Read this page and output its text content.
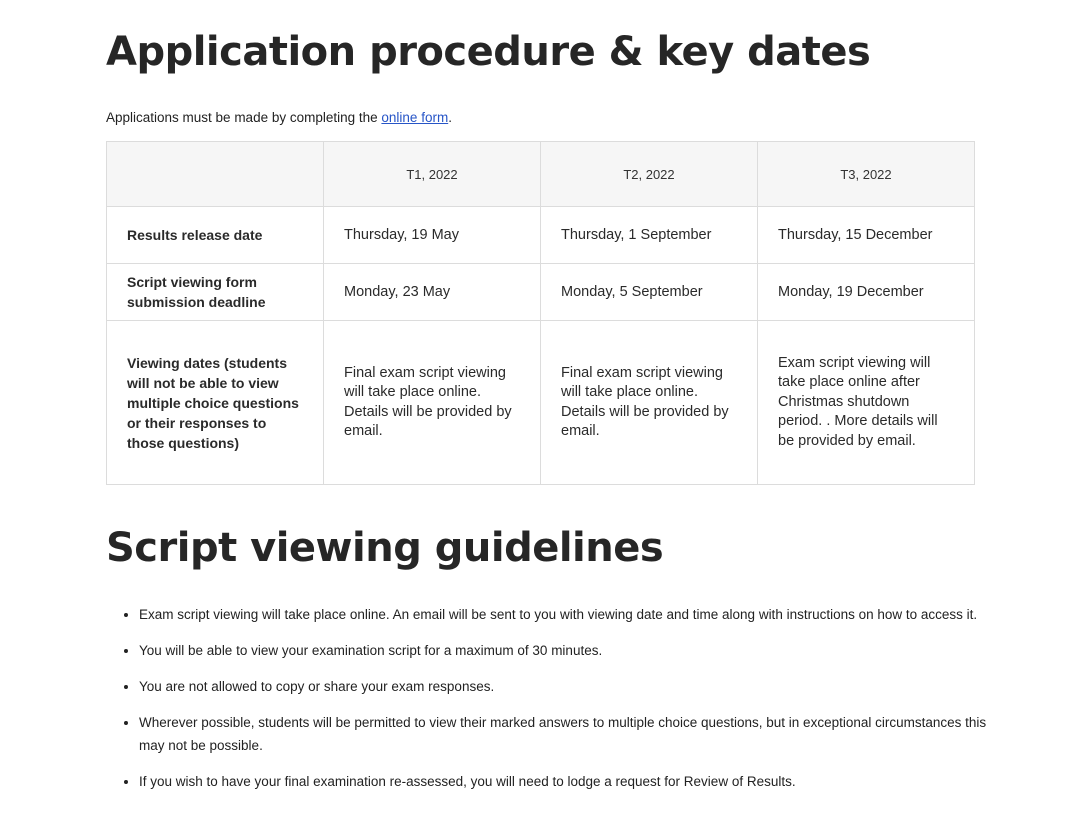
Application procedure & key dates

Applications must be made by completing the online form.

	T1, 2022	T2, 2022	T3, 2022
Results release date	Thursday, 19 May	Thursday, 1 September	Thursday, 15 December
Script viewing form submission deadline	Monday, 23 May	Monday, 5 September	Monday, 19 December
Viewing dates (students will not be able to view multiple choice questions or their responses to those questions)	Final exam script viewing will take place online. Details will be provided by email.	Final exam script viewing will take place online. Details will be provided by email.	Exam script viewing will take place online after Christmas shutdown period. . More details will be provided by email.
Script viewing guidelines
• Exam script viewing will take place online. An email will be sent to you with viewing date and time along with instructions on how to access it.
• You will be able to view your examination script for a maximum of 30 minutes.
• You are not allowed to copy or share your exam responses.
• Wherever possible, students will be permitted to view their marked answers to multiple choice questions, but in exceptional circumstances this may not be possible.
• If you wish to have your final examination re-assessed, you will need to lodge a request for Review of Results.
